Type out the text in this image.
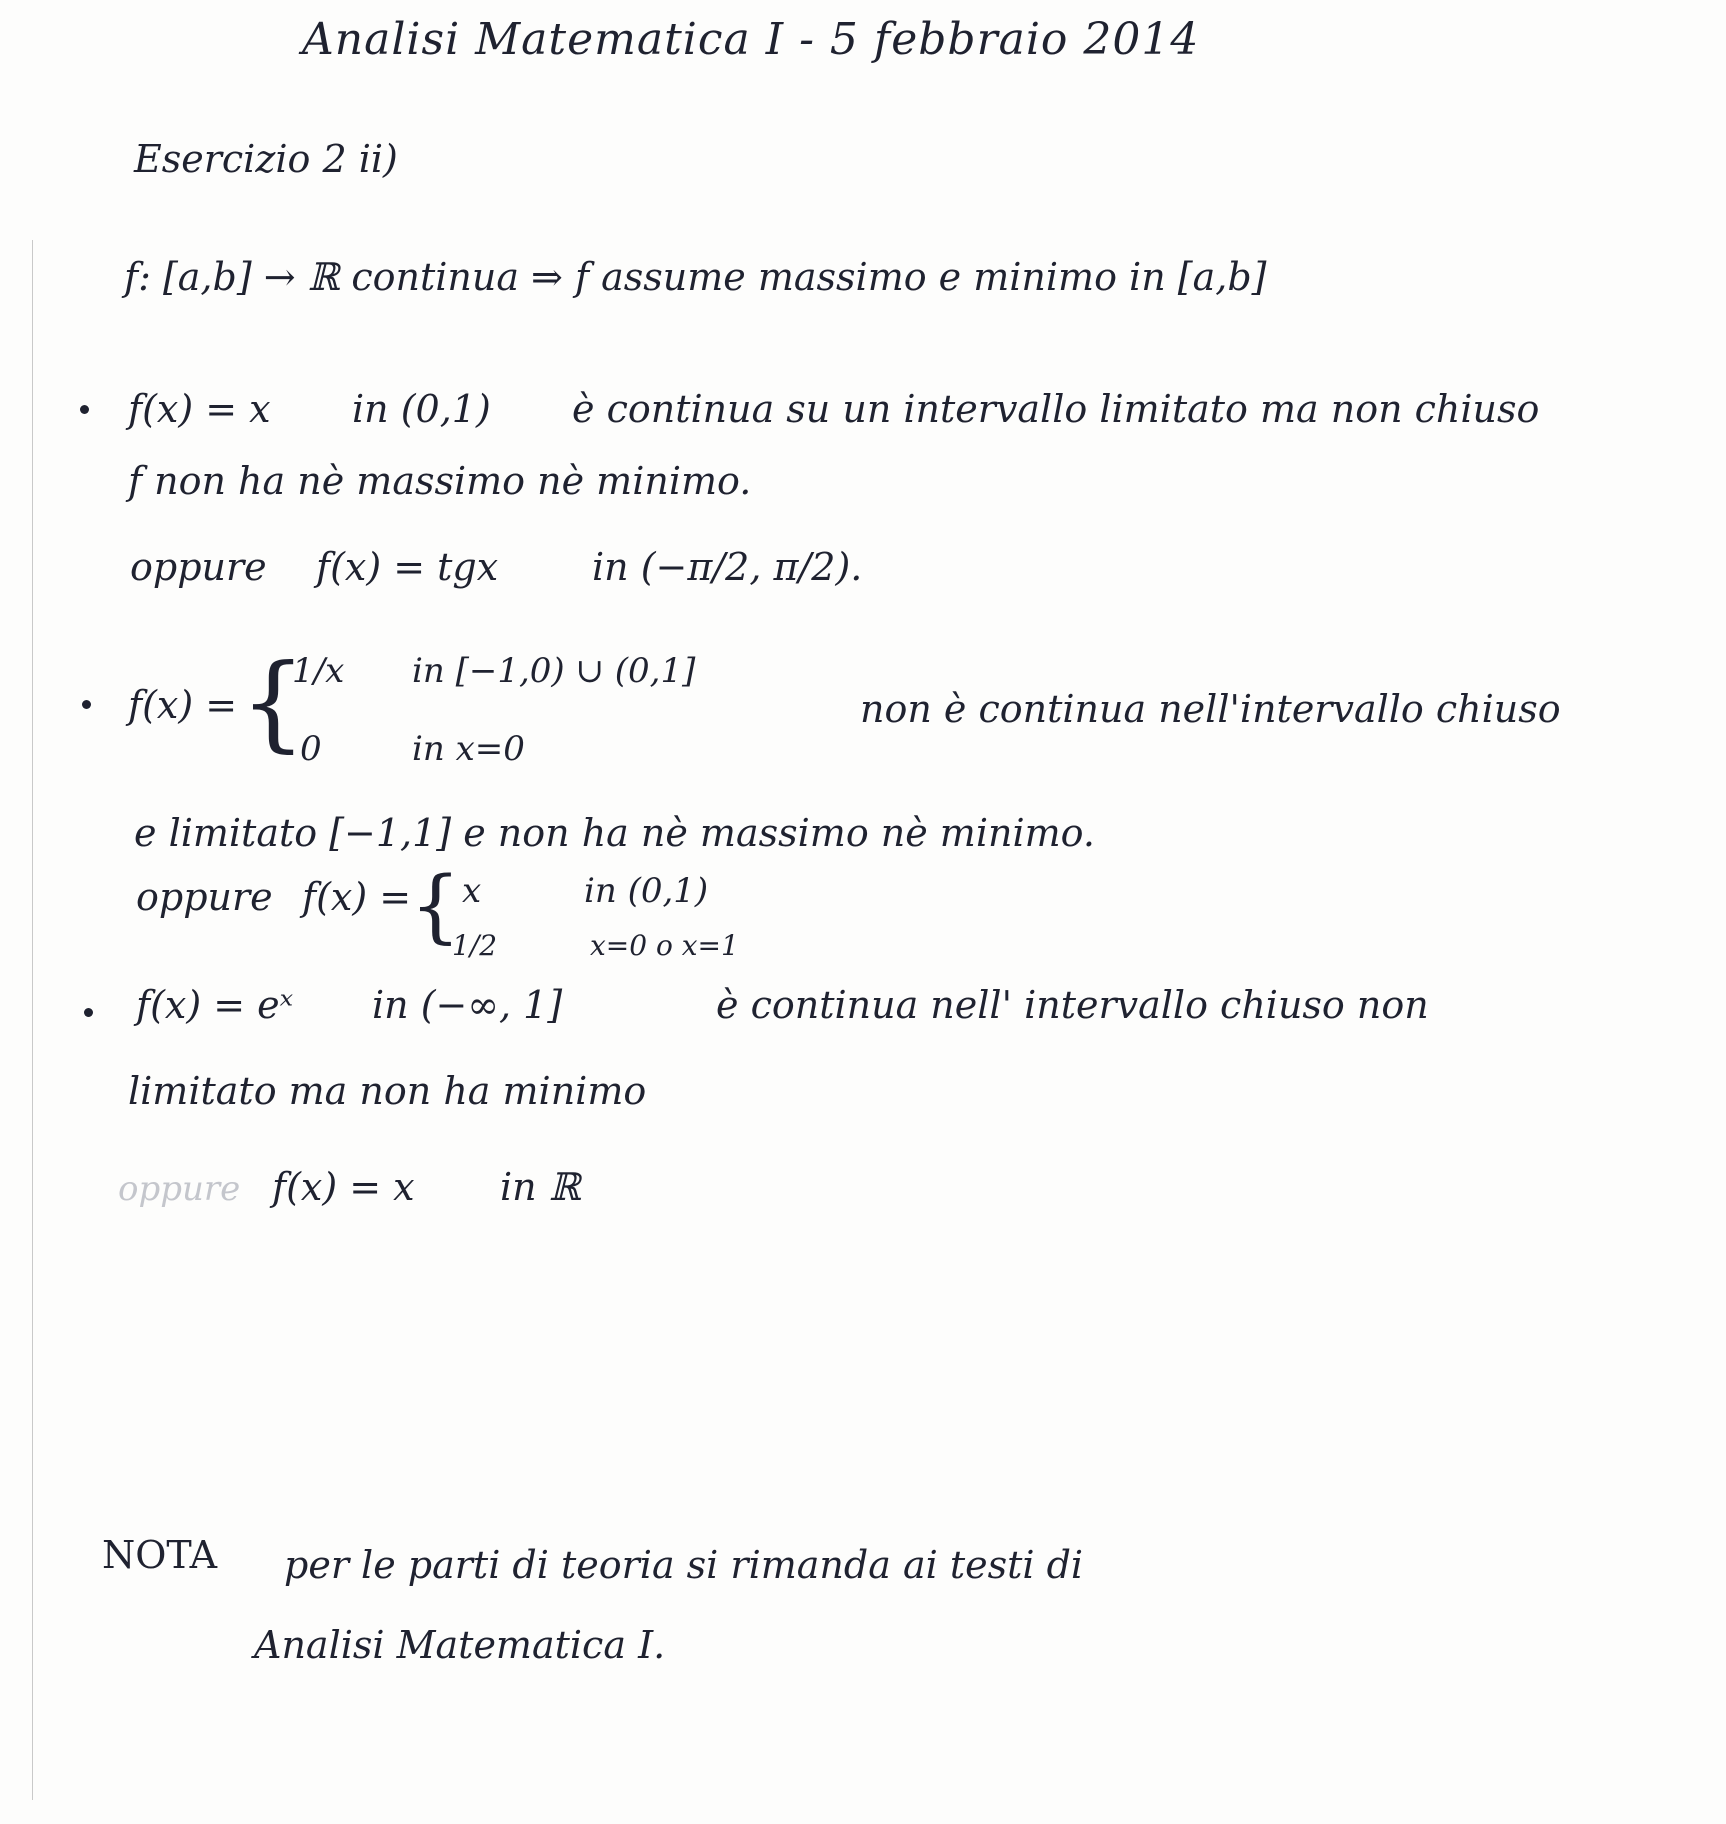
Analisi Matematica I - 5 febbraio 2014
Esercizio 2 ii)
f: [a,b] → ℝ continua ⇒ f assume massimo e minimo in [a,b]
f(x) = x in (0,1) è continua su un intervallo limitato ma non chiuso
f non ha nè massimo nè minimo.
oppure f(x) = tgx in (−π/2, π/2).
f(x) = {
1/x in [−1,0) ∪ (0,1]
0	in x=0
non è continua nell'intervallo chiuso
e limitato [−1,1] e non ha nè massimo nè minimo.
oppure f(x) =
{ x	in (0,1)
1/2	x=0 o x=1
f(x) = eˣ in (−∞, 1]	è continua nell' intervallo chiuso non
limitato ma non ha minimo
oppure f(x) = x in ℝ
NOTA per le parti di teoria si rimanda ai testi di
Analisi Matematica I.
